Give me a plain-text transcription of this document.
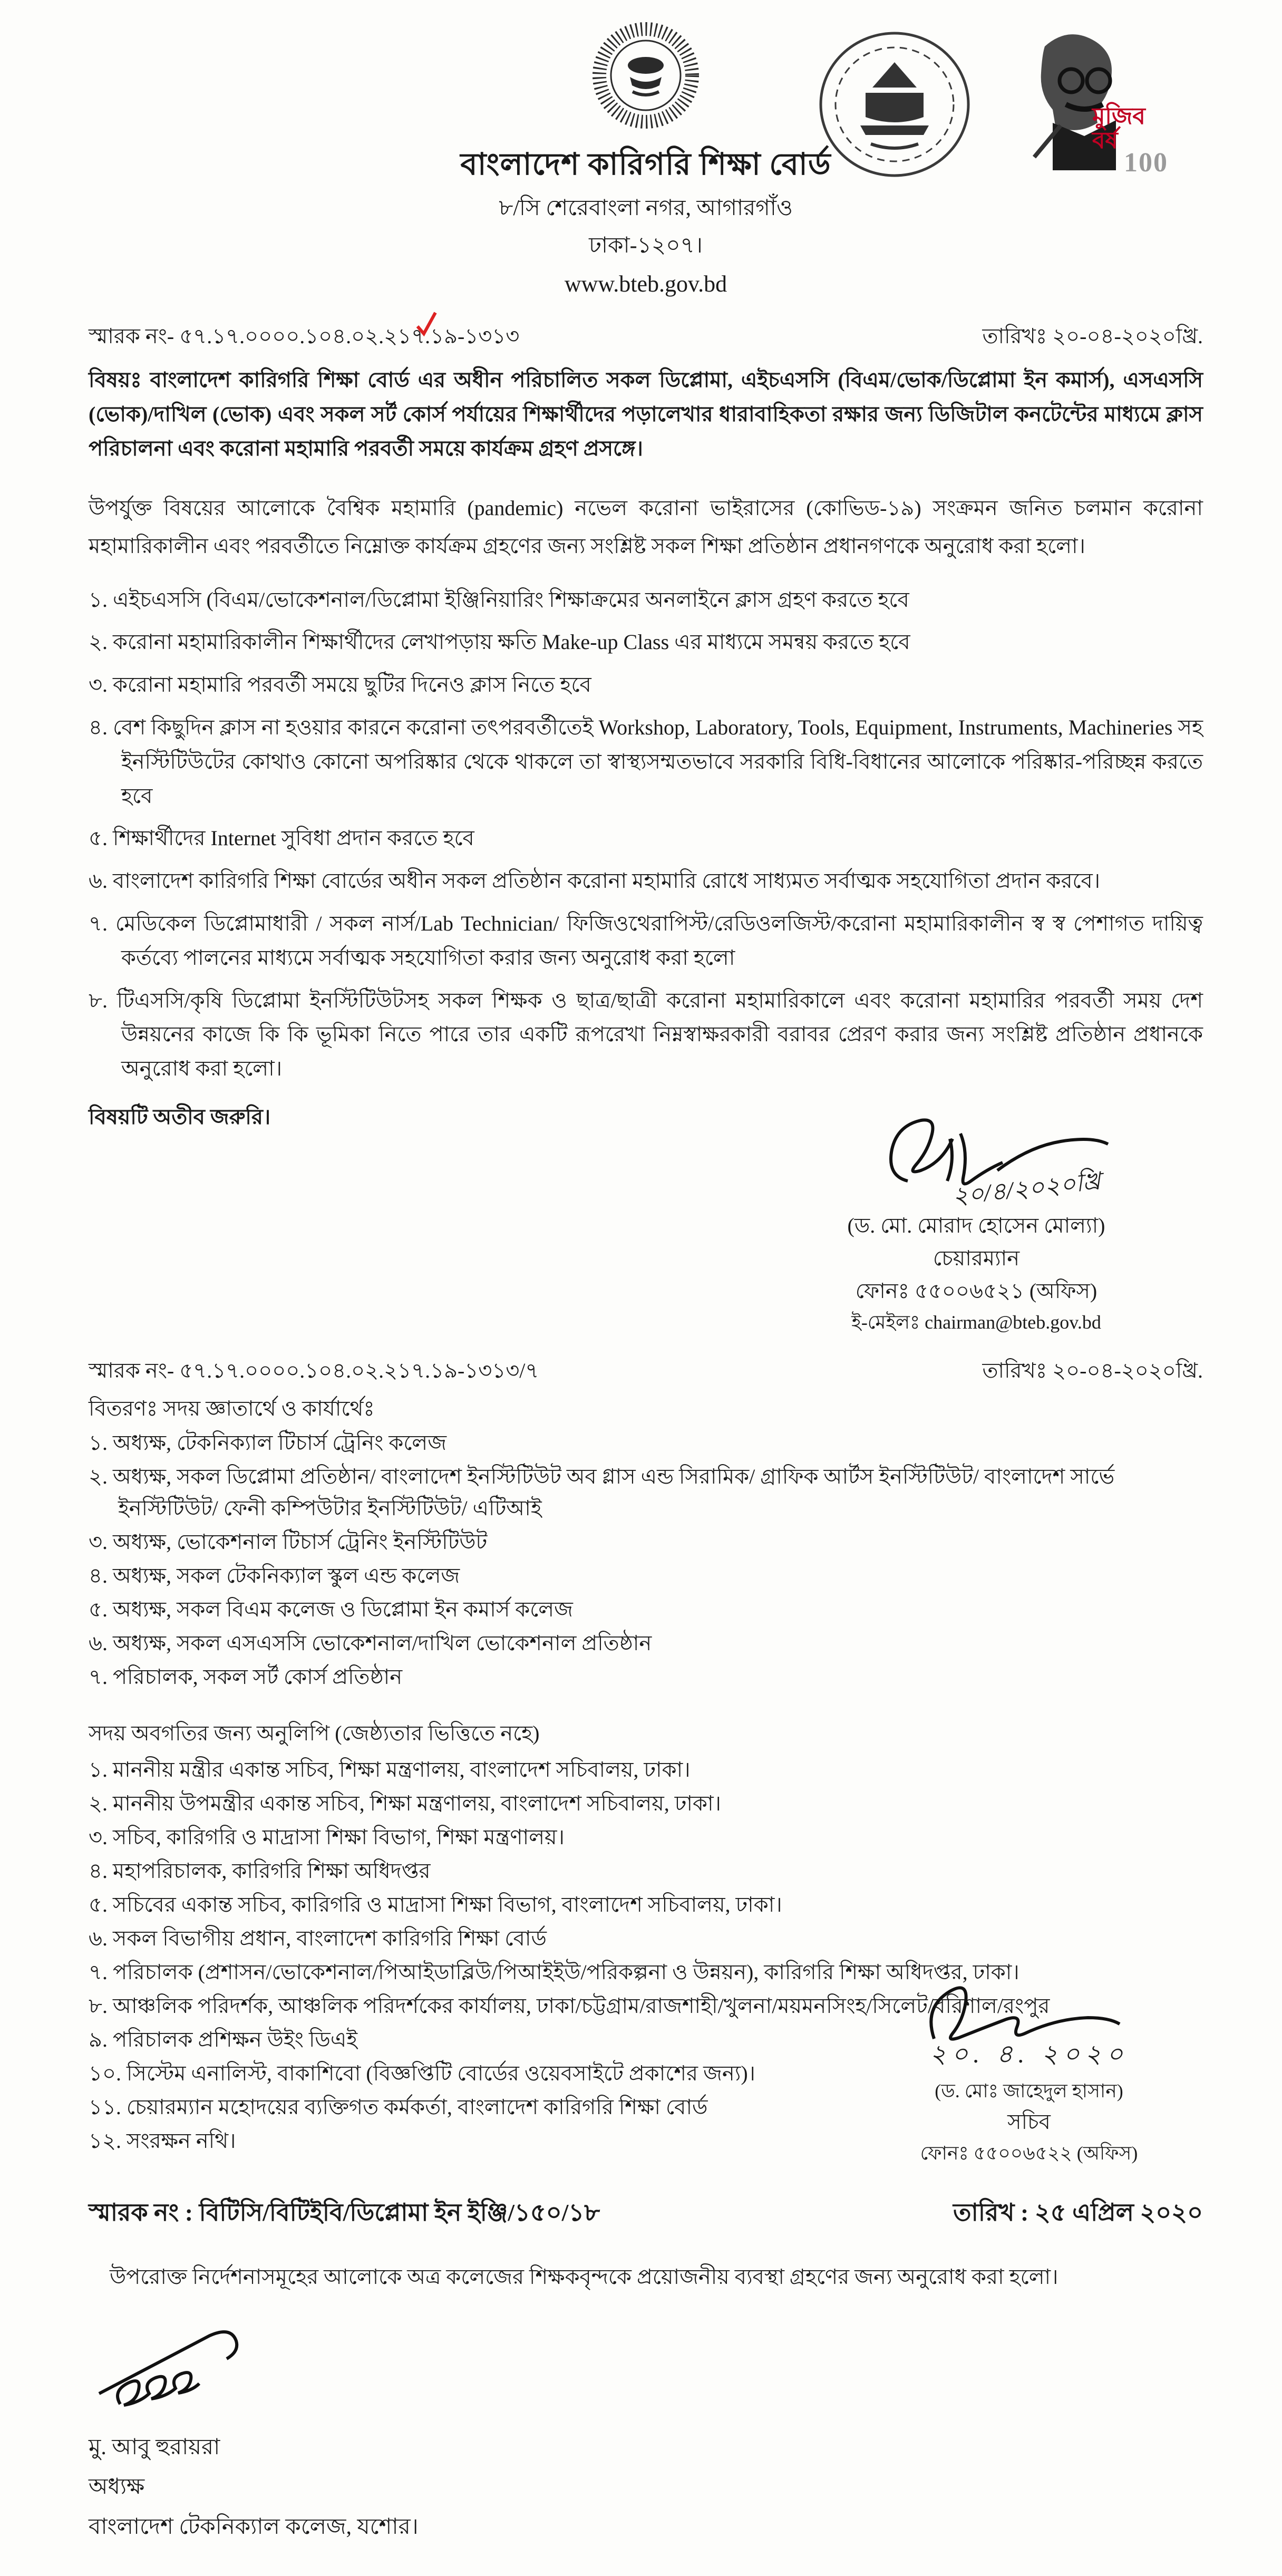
বাংলাদেশ কারিগরি শিক্ষা বোর্ড
৮/সি শেরেবাংলা নগর, আগারগাঁও
ঢাকা-১২০৭।
www.bteb.gov.bd
মুজিব
বর্ষ
100
স্মারক নং- ৫৭.১৭.০০০০.১০৪.০২.২১৭.১৯-১৩১৩	তারিখঃ ২০-০৪-২০২০খ্রি.
বিষয়ঃ বাংলাদেশ কারিগরি শিক্ষা বোর্ড এর অধীন পরিচালিত সকল ডিপ্লোমা, এইচএসসি (বিএম/ভোক/ডিপ্লোমা ইন কমার্স), এসএসসি (ভোক)/দাখিল (ভোক) এবং সকল সর্ট কোর্স পর্যায়ের শিক্ষার্থীদের পড়ালেখার ধারাবাহিকতা রক্ষার জন্য ডিজিটাল কনটেন্টের মাধ্যমে ক্লাস পরিচালনা এবং করোনা মহামারি পরবর্তী সময়ে কার্যক্রম গ্রহণ প্রসঙ্গে।
উপর্যুক্ত বিষয়ের আলোকে বৈশ্বিক মহামারি (pandemic) নভেল করোনা ভাইরাসের (কোভিড-১৯) সংক্রমন জনিত চলমান করোনা মহামারিকালীন এবং পরবর্তীতে নিম্নোক্ত কার্যক্রম গ্রহণের জন্য সংশ্লিষ্ট সকল শিক্ষা প্রতিষ্ঠান প্রধানগণকে অনুরোধ করা হলো।
১. এইচএসসি (বিএম/ভোকেশনাল/ডিপ্লোমা ইঞ্জিনিয়ারিং শিক্ষাক্রমের অনলাইনে ক্লাস গ্রহণ করতে হবে
২. করোনা মহামারিকালীন শিক্ষার্থীদের লেখাপড়ায় ক্ষতি Make-up Class এর মাধ্যমে সমন্বয় করতে হবে
৩. করোনা মহামারি পরবর্তী সময়ে ছুটির দিনেও ক্লাস নিতে হবে
৪. বেশ কিছুদিন ক্লাস না হওয়ার কারনে করোনা তৎপরবর্তীতেই Workshop, Laboratory, Tools, Equipment, Instruments, Machineries সহ ইনস্টিটিউটের কোথাও কোনো অপরিষ্কার থেকে থাকলে তা স্বাস্থ্যসম্মতভাবে সরকারি বিধি-বিধানের আলোকে পরিষ্কার-পরিচ্ছন্ন করতে হবে
৫. শিক্ষার্থীদের Internet সুবিধা প্রদান করতে হবে
৬. বাংলাদেশ কারিগরি শিক্ষা বোর্ডের অধীন সকল প্রতিষ্ঠান করোনা মহামারি রোধে সাধ্যমত সর্বাত্মক সহযোগিতা প্রদান করবে।
৭. মেডিকেল ডিপ্লোমাধারী / সকল নার্স/Lab Technician/ ফিজিওথেরাপিস্ট/রেডিওলজিস্ট/করোনা মহামারিকালীন স্ব স্ব পেশাগত দায়িত্ব কর্তব্যে পালনের মাধ্যমে সর্বাত্মক সহযোগিতা করার জন্য অনুরোধ করা হলো
৮. টিএসসি/কৃষি ডিপ্লোমা ইনস্টিটিউটসহ সকল শিক্ষক ও ছাত্র/ছাত্রী করোনা মহামারিকালে এবং করোনা মহামারির পরবর্তী সময় দেশ উন্নয়নের কাজে কি কি ভূমিকা নিতে পারে তার একটি রূপরেখা নিম্নস্বাক্ষরকারী বরাবর প্রেরণ করার জন্য সংশ্লিষ্ট প্রতিষ্ঠান প্রধানকে অনুরোধ করা হলো।
বিষয়টি অতীব জরুরি।
২০/৪/২০২০খ্রি
(ড. মো. মোরাদ হোসেন মোল্যা)
চেয়ারম্যান
ফোনঃ ৫৫০০৬৫২১ (অফিস)
ই-মেইলঃ chairman@bteb.gov.bd
স্মারক নং- ৫৭.১৭.০০০০.১০৪.০২.২১৭.১৯-১৩১৩/৭	তারিখঃ ২০-০৪-২০২০খ্রি.
বিতরণঃ সদয় জ্ঞাতার্থে ও কার্যার্থেঃ
১. অধ্যক্ষ, টেকনিক্যাল টিচার্স ট্রেনিং কলেজ
২. অধ্যক্ষ, সকল ডিপ্লোমা প্রতিষ্ঠান/ বাংলাদেশ ইনস্টিটিউট অব গ্লাস এন্ড সিরামিক/ গ্রাফিক আর্টস ইনস্টিটিউট/ বাংলাদেশ সার্ভে ইনস্টিটিউট/ ফেনী কম্পিউটার ইনস্টিটিউট/ এটিআই
৩. অধ্যক্ষ, ভোকেশনাল টিচার্স ট্রেনিং ইনস্টিটিউট
৪. অধ্যক্ষ, সকল টেকনিক্যাল স্কুল এন্ড কলেজ
৫. অধ্যক্ষ, সকল বিএম কলেজ ও ডিপ্লোমা ইন কমার্স কলেজ
৬. অধ্যক্ষ, সকল এসএসসি ভোকেশনাল/দাখিল ভোকেশনাল প্রতিষ্ঠান
৭. পরিচালক, সকল সর্ট কোর্স প্রতিষ্ঠান
সদয় অবগতির জন্য অনুলিপি (জেষ্ঠ্যতার ভিত্তিতে নহে)
১. মাননীয় মন্ত্রীর একান্ত সচিব, শিক্ষা মন্ত্রণালয়, বাংলাদেশ সচিবালয়, ঢাকা।
২. মাননীয় উপমন্ত্রীর একান্ত সচিব, শিক্ষা মন্ত্রণালয়, বাংলাদেশ সচিবালয়, ঢাকা।
৩. সচিব, কারিগরি ও মাদ্রাসা শিক্ষা বিভাগ, শিক্ষা মন্ত্রণালয়।
৪. মহাপরিচালক, কারিগরি শিক্ষা অধিদপ্তর
৫. সচিবের একান্ত সচিব, কারিগরি ও মাদ্রাসা শিক্ষা বিভাগ, বাংলাদেশ সচিবালয়, ঢাকা।
৬. সকল বিভাগীয় প্রধান, বাংলাদেশ কারিগরি শিক্ষা বোর্ড
৭. পরিচালক (প্রশাসন/ভোকেশনাল/পিআইডাব্লিউ/পিআইইউ/পরিকল্পনা ও উন্নয়ন), কারিগরি শিক্ষা অধিদপ্তর, ঢাকা।
৮. আঞ্চলিক পরিদর্শক, আঞ্চলিক পরিদর্শকের কার্যালয়, ঢাকা/চট্টগ্রাম/রাজশাহী/খুলনা/ময়মনসিংহ/সিলেট/বরিশাল/রংপুর
৯. পরিচালক প্রশিক্ষন উইং ডিএই
১০. সিস্টেম এনালিস্ট, বাকাশিবো (বিজ্ঞপ্তিটি বোর্ডের ওয়েবসাইটে প্রকাশের জন্য)।
১১. চেয়ারম্যান মহোদয়ের ব্যক্তিগত কর্মকর্তা, বাংলাদেশ কারিগরি শিক্ষা বোর্ড
১২. সংরক্ষন নথি।
২০. ৪. ২০২০
(ড. মোঃ জাহেদুল হাসান)
সচিব
ফোনঃ ৫৫০০৬৫২২ (অফিস)
স্মারক নং : বিটিসি/বিটিইবি/ডিপ্লোমা ইন ইঞ্জি/১৫০/১৮	তারিখ : ২৫ এপ্রিল ২০২০
উপরোক্ত নির্দেশনাসমূহের আলোকে অত্র কলেজের শিক্ষকবৃন্দকে প্রয়োজনীয় ব্যবস্থা গ্রহণের জন্য অনুরোধ করা হলো।
মু. আবু হুরায়রা
অধ্যক্ষ
বাংলাদেশ টেকনিক্যাল কলেজ, যশোর।
